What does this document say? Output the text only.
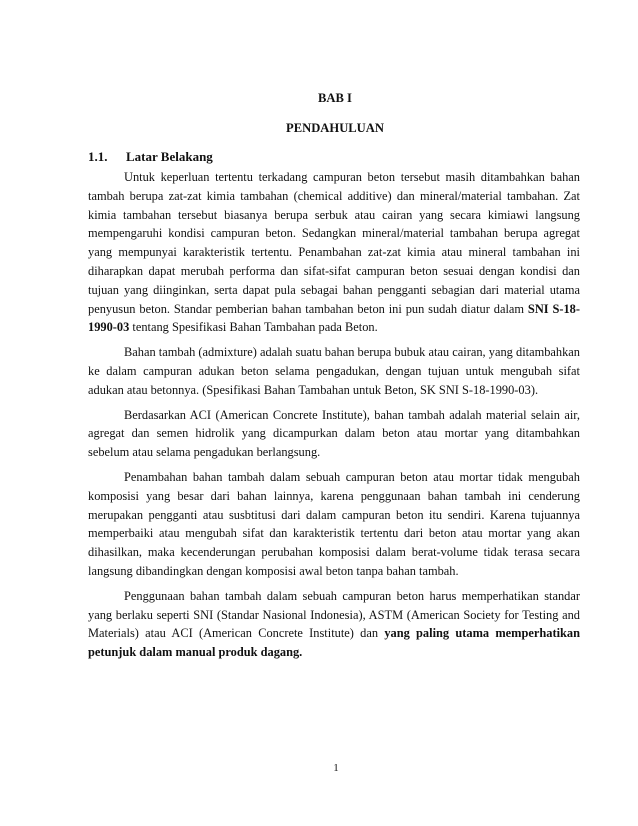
BAB I
PENDAHULUAN
1.1. Latar Belakang

Untuk keperluan tertentu terkadang campuran beton tersebut masih ditambahkan bahan tambah berupa zat-zat kimia tambahan (chemical additive) dan mineral/material tambahan. Zat kimia tambahan tersebut biasanya berupa serbuk atau cairan yang secara kimiawi langsung mempengaruhi kondisi campuran beton. Sedangkan mineral/material tambahan berupa agregat yang mempunyai karakteristik tertentu. Penambahan zat-zat kimia atau mineral tambahan ini diharapkan dapat merubah performa dan sifat-sifat campuran beton sesuai dengan kondisi dan tujuan yang diinginkan, serta dapat pula sebagai bahan pengganti sebagian dari material utama penyusun beton. Standar pemberian bahan tambahan beton ini pun sudah diatur dalam SNI S-18-1990-03 tentang Spesifikasi Bahan Tambahan pada Beton.

Bahan tambah (admixture) adalah suatu bahan berupa bubuk atau cairan, yang ditambahkan ke dalam campuran adukan beton selama pengadukan, dengan tujuan untuk mengubah sifat adukan atau betonnya. (Spesifikasi Bahan Tambahan untuk Beton, SK SNI S-18-1990-03).

Berdasarkan ACI (American Concrete Institute), bahan tambah adalah material selain air, agregat dan semen hidrolik yang dicampurkan dalam beton atau mortar yang ditambahkan sebelum atau selama pengadukan berlangsung.

Penambahan bahan tambah dalam sebuah campuran beton atau mortar tidak mengubah komposisi yang besar dari bahan lainnya, karena penggunaan bahan tambah ini cenderung merupakan pengganti atau susbtitusi dari dalam campuran beton itu sendiri. Karena tujuannya memperbaiki atau mengubah sifat dan karakteristik tertentu dari beton atau mortar yang akan dihasilkan, maka kecenderungan perubahan komposisi dalam berat-volume tidak terasa secara langsung dibandingkan dengan komposisi awal beton tanpa bahan tambah.

Penggunaan bahan tambah dalam sebuah campuran beton harus memperhatikan standar yang berlaku seperti SNI (Standar Nasional Indonesia), ASTM (American Society for Testing and Materials) atau ACI (American Concrete Institute) dan yang paling utama memperhatikan petunjuk dalam manual produk dagang.

1
